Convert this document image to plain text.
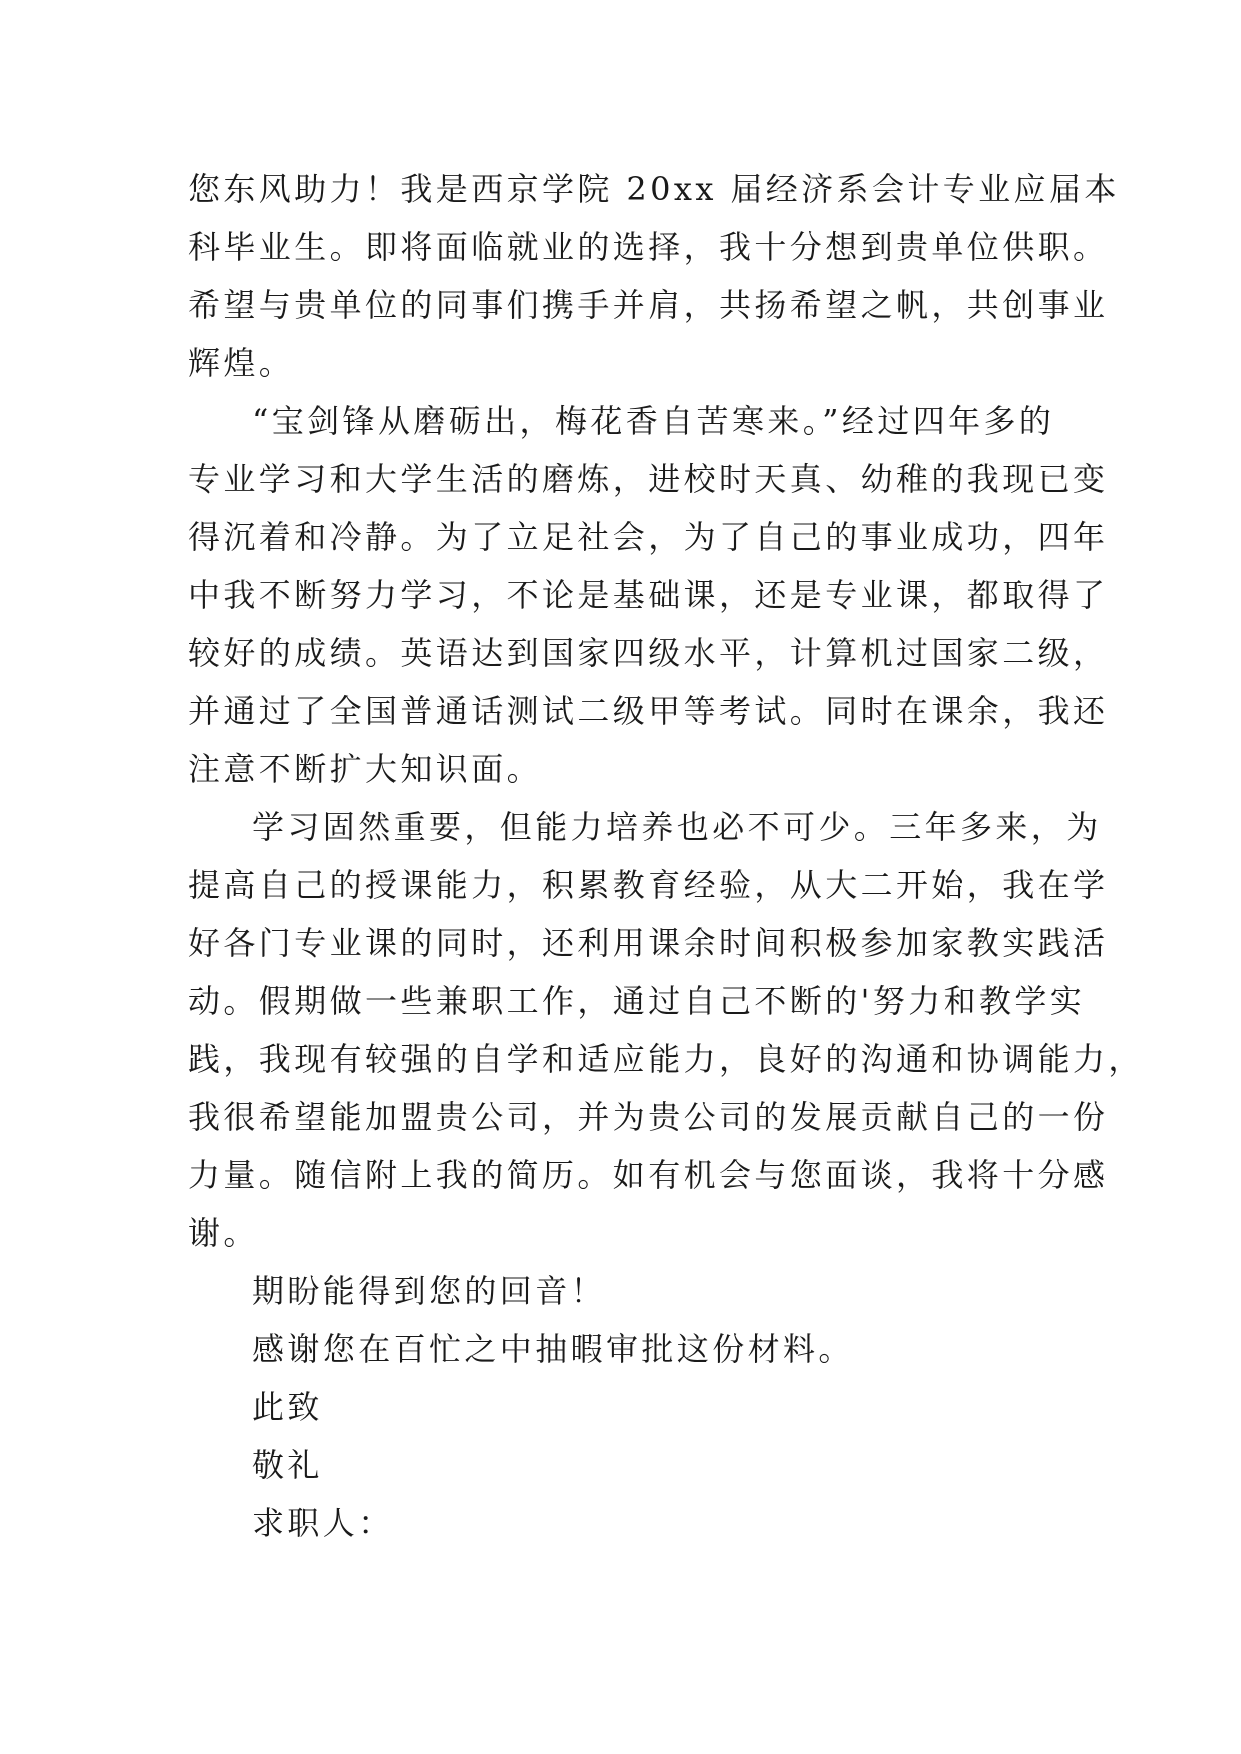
您东风助力！我是西京学院 20xx 届经济系会计专业应届本
科毕业生。即将面临就业的选择，我十分想到贵单位供职。
希望与贵单位的同事们携手并肩，共扬希望之帆，共创事业
辉煌。
“宝剑锋从磨砺出，梅花香自苦寒来。”经过四年多的
专业学习和大学生活的磨炼，进校时天真、幼稚的我现已变
得沉着和冷静。为了立足社会，为了自己的事业成功，四年
中我不断努力学习，不论是基础课，还是专业课，都取得了
较好的成绩。英语达到国家四级水平，计算机过国家二级，
并通过了全国普通话测试二级甲等考试。同时在课余，我还
注意不断扩大知识面。
学习固然重要，但能力培养也必不可少。三年多来，为
提高自己的授课能力，积累教育经验，从大二开始，我在学
好各门专业课的同时，还利用课余时间积极参加家教实践活
动。假期做一些兼职工作，通过自己不断的'努力和教学实
践，我现有较强的自学和适应能力，良好的沟通和协调能力，
我很希望能加盟贵公司，并为贵公司的发展贡献自己的一份
力量。随信附上我的简历。如有机会与您面谈，我将十分感
谢。
期盼能得到您的回音！
感谢您在百忙之中抽暇审批这份材料。
此致
敬礼
求职人：
